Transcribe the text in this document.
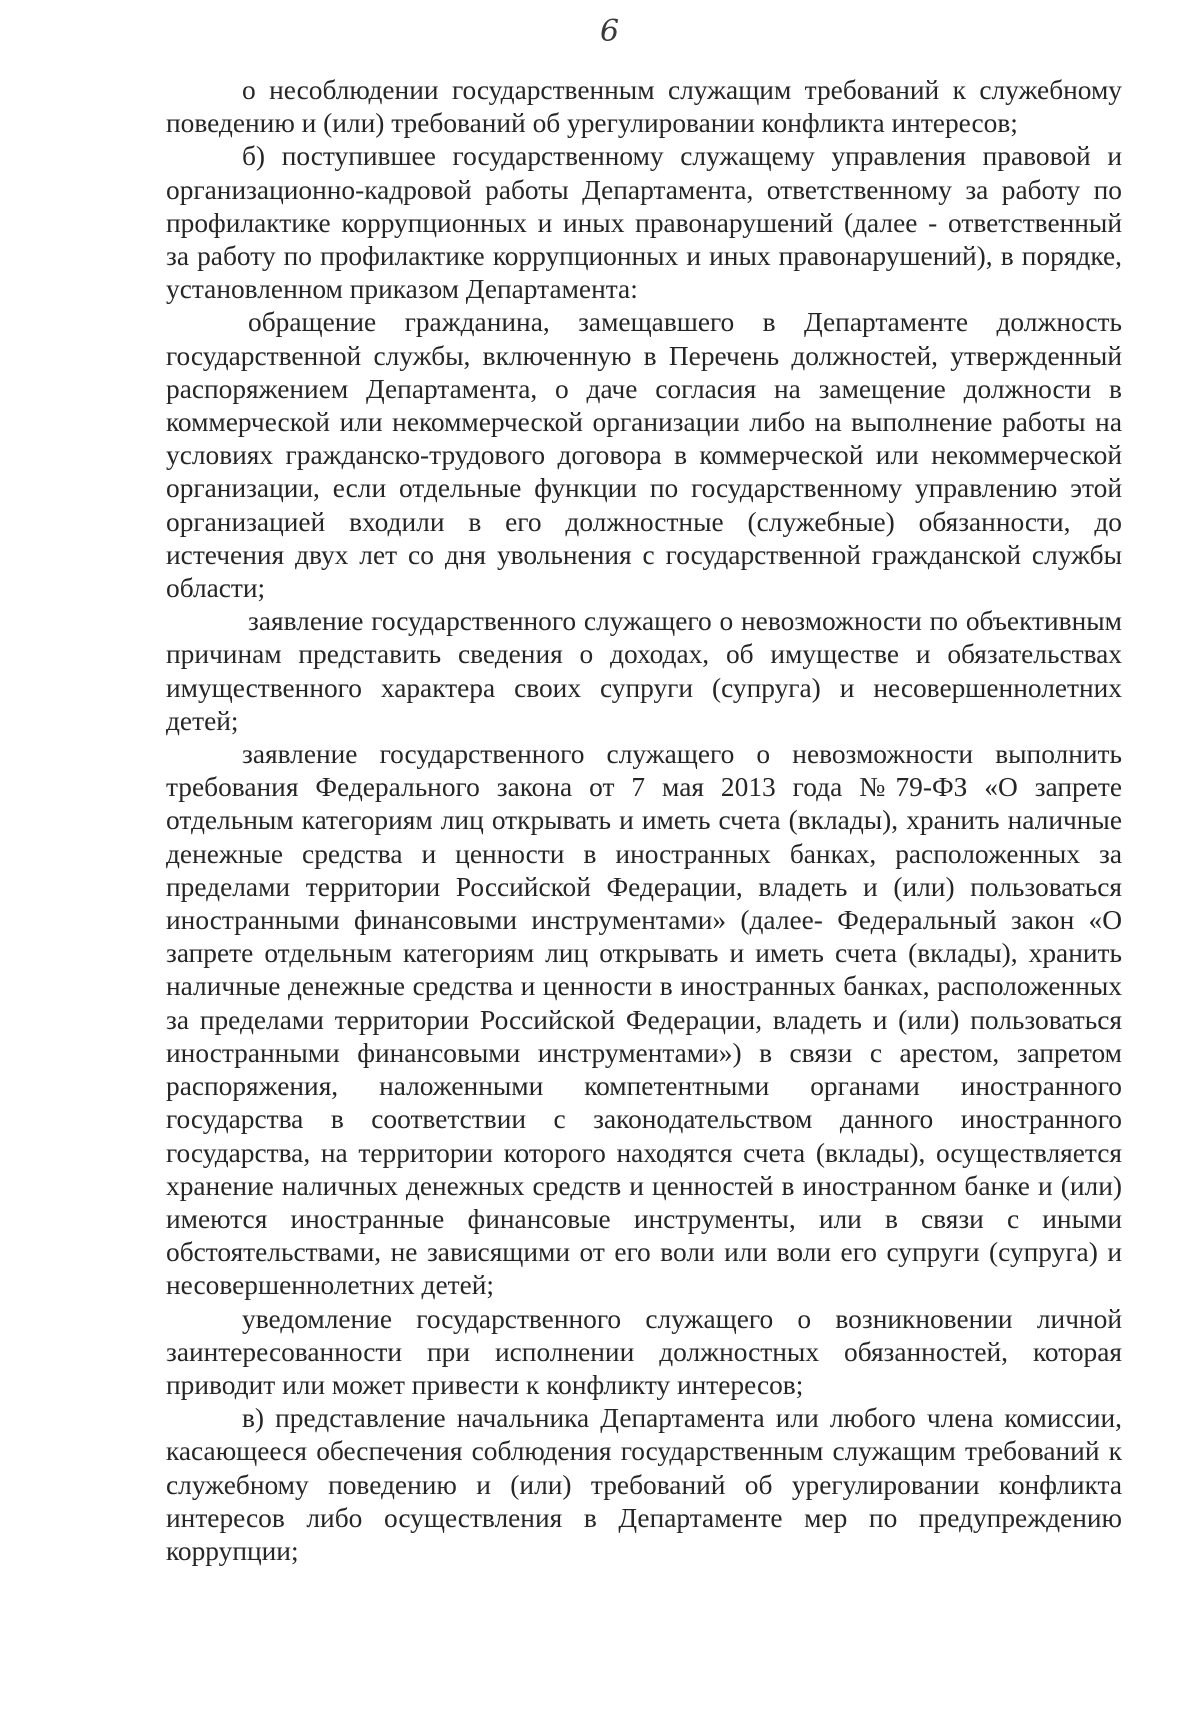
6

о несоблюдении государственным служащим требований к служебному поведению и (или) требований об урегулировании конфликта интересов;

б) поступившее государственному служащему управления правовой и организационно-кадровой работы Департамента, ответственному за работу по профилактике коррупционных и иных правонарушений (далее - ответственный за работу по профилактике коррупционных и иных правонарушений), в порядке, установленном приказом Департамента:

обращение гражданина, замещавшего в Департаменте должность государственной службы, включенную в Перечень должностей, утвержденный распоряжением Департамента, о даче согласия на замещение должности в коммерческой или некоммерческой организации либо на выполнение работы на условиях гражданско-трудового договора в коммерческой или некоммерческой организации, если отдельные функции по государственному управлению этой организацией входили в его должностные (служебные) обязанности, до истечения двух лет со дня увольнения с государственной гражданской службы области;

заявление государственного служащего о невозможности по объективным причинам представить сведения о доходах, об имуществе и обязательствах имущественного характера своих супруги (супруга) и несовершеннолетних детей;

заявление государственного служащего о невозможности выполнить требования Федерального закона от 7 мая 2013 года №79-ФЗ «О запрете отдельным категориям лиц открывать и иметь счета (вклады), хранить наличные денежные средства и ценности в иностранных банках, расположенных за пределами территории Российской Федерации, владеть и (или) пользоваться иностранными финансовыми инструментами» (далее- Федеральный закон «О запрете отдельным категориям лиц открывать и иметь счета (вклады), хранить наличные денежные средства и ценности в иностранных банках, расположенных за пределами территории Российской Федерации, владеть и (или) пользоваться иностранными финансовыми инструментами») в связи с арестом, запретом распоряжения, наложенными компетентными органами иностранного государства в соответствии с законодательством данного иностранного государства, на территории которого находятся счета (вклады), осуществляется хранение наличных денежных средств и ценностей в иностранном банке и (или) имеются иностранные финансовые инструменты, или в связи с иными обстоятельствами, не зависящими от его воли или воли его супруги (супруга) и несовершеннолетних детей;

уведомление государственного служащего о возникновении личной заинтересованности при исполнении должностных обязанностей, которая приводит или может привести к конфликту интересов;

в) представление начальника Департамента или любого члена комиссии, касающееся обеспечения соблюдения государственным служащим требований к служебному поведению и (или) требований об урегулировании конфликта интересов либо осуществления в Департаменте мер по предупреждению коррупции;
